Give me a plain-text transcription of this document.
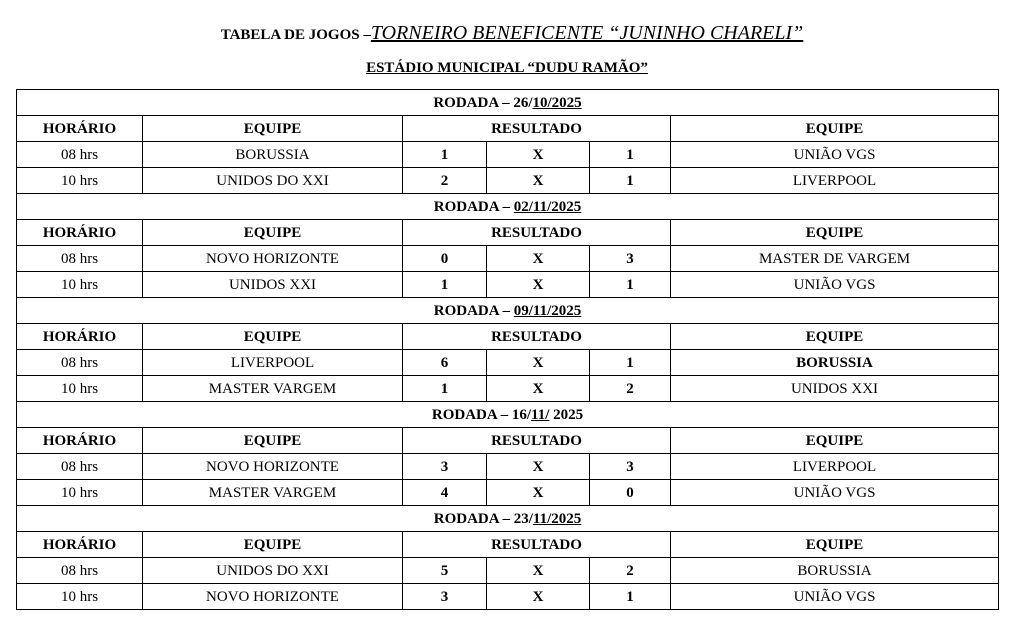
TABELA DE JOGOS –TORNEIRO BENEFICENTE “JUNINHO CHARELI”
ESTÁDIO MUNICIPAL “DUDU RAMÃO”
RODADA – 26/10/2025					
HORÁRIO	EQUIPE	RESULTADO			EQUIPE
08 hrs	BORUSSIA	1	X	1	UNIÃO VGS
10 hrs	UNIDOS DO XXI	2	X	1	LIVERPOOL
RODADA – 02/11/2025					
HORÁRIO	EQUIPE	RESULTADO			EQUIPE
08 hrs	NOVO HORIZONTE	0	X	3	MASTER DE VARGEM
10 hrs	UNIDOS XXI	1	X	1	UNIÃO VGS
RODADA – 09/11/2025					
HORÁRIO	EQUIPE	RESULTADO			EQUIPE
08 hrs	LIVERPOOL	6	X	1	BORUSSIA
10 hrs	MASTER VARGEM	1	X	2	UNIDOS XXI
RODADA – 16/11/ 2025					
HORÁRIO	EQUIPE	RESULTADO			EQUIPE
08 hrs	NOVO HORIZONTE	3	X	3	LIVERPOOL
10 hrs	MASTER VARGEM	4	X	0	UNIÃO VGS
RODADA – 23/11/2025					
HORÁRIO	EQUIPE	RESULTADO			EQUIPE
08 hrs	UNIDOS DO XXI	5	X	2	BORUSSIA
10 hrs	NOVO HORIZONTE	3	X	1	UNIÃO VGS
